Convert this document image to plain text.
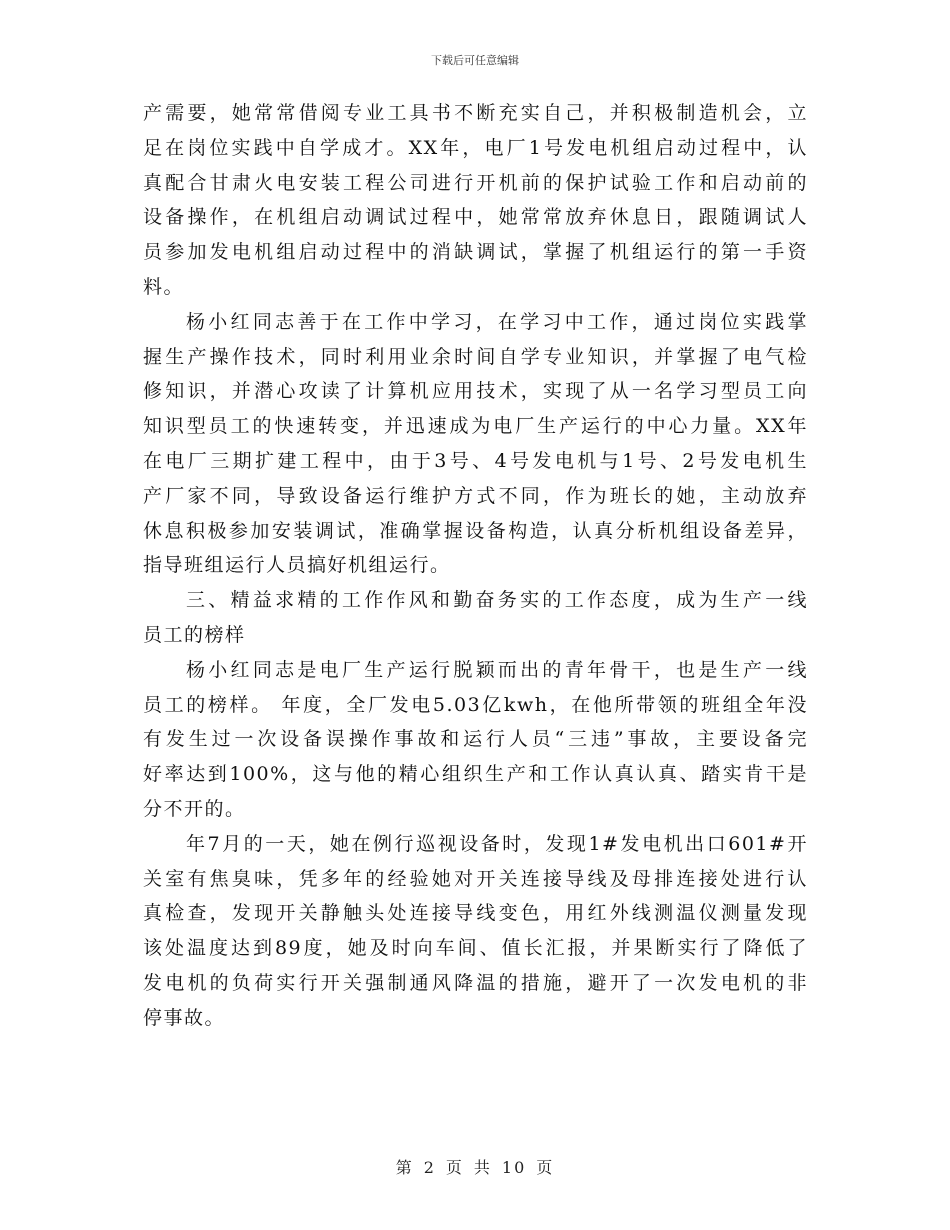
下载后可任意编辑
产需要，她常常借阅专业工具书不断充实自己，并积极制造机会，立
足在岗位实践中自学成才。XX年，电厂1号发电机组启动过程中，认
真配合甘肃火电安装工程公司进行开机前的保护试验工作和启动前的
设备操作，在机组启动调试过程中，她常常放弃休息日，跟随调试人
员参加发电机组启动过程中的消缺调试，掌握了机组运行的第一手资
料。
杨小红同志善于在工作中学习，在学习中工作，通过岗位实践掌
握生产操作技术，同时利用业余时间自学专业知识，并掌握了电气检
修知识，并潜心攻读了计算机应用技术，实现了从一名学习型员工向
知识型员工的快速转变，并迅速成为电厂生产运行的中心力量。XX年
在电厂三期扩建工程中，由于3号、4号发电机与1号、2号发电机生
产厂家不同，导致设备运行维护方式不同，作为班长的她，主动放弃
休息积极参加安装调试，准确掌握设备构造，认真分析机组设备差异，
指导班组运行人员搞好机组运行。
三、精益求精的工作作风和勤奋务实的工作态度，成为生产一线
员工的榜样
杨小红同志是电厂生产运行脱颖而出的青年骨干，也是生产一线
员工的榜样。 年度，全厂发电5.03亿kwh，在他所带领的班组全年没
有发生过一次设备误操作事故和运行人员“三违”事故，主要设备完
好率达到100%，这与他的精心组织生产和工作认真认真、踏实肯干是
分不开的。
年7月的一天，她在例行巡视设备时，发现1#发电机出口601#开
关室有焦臭味，凭多年的经验她对开关连接导线及母排连接处进行认
真检查，发现开关静触头处连接导线变色，用红外线测温仪测量发现
该处温度达到89度，她及时向车间、值长汇报，并果断实行了降低了
发电机的负荷实行开关强制通风降温的措施，避开了一次发电机的非
停事故。
第 2 页 共 10 页
